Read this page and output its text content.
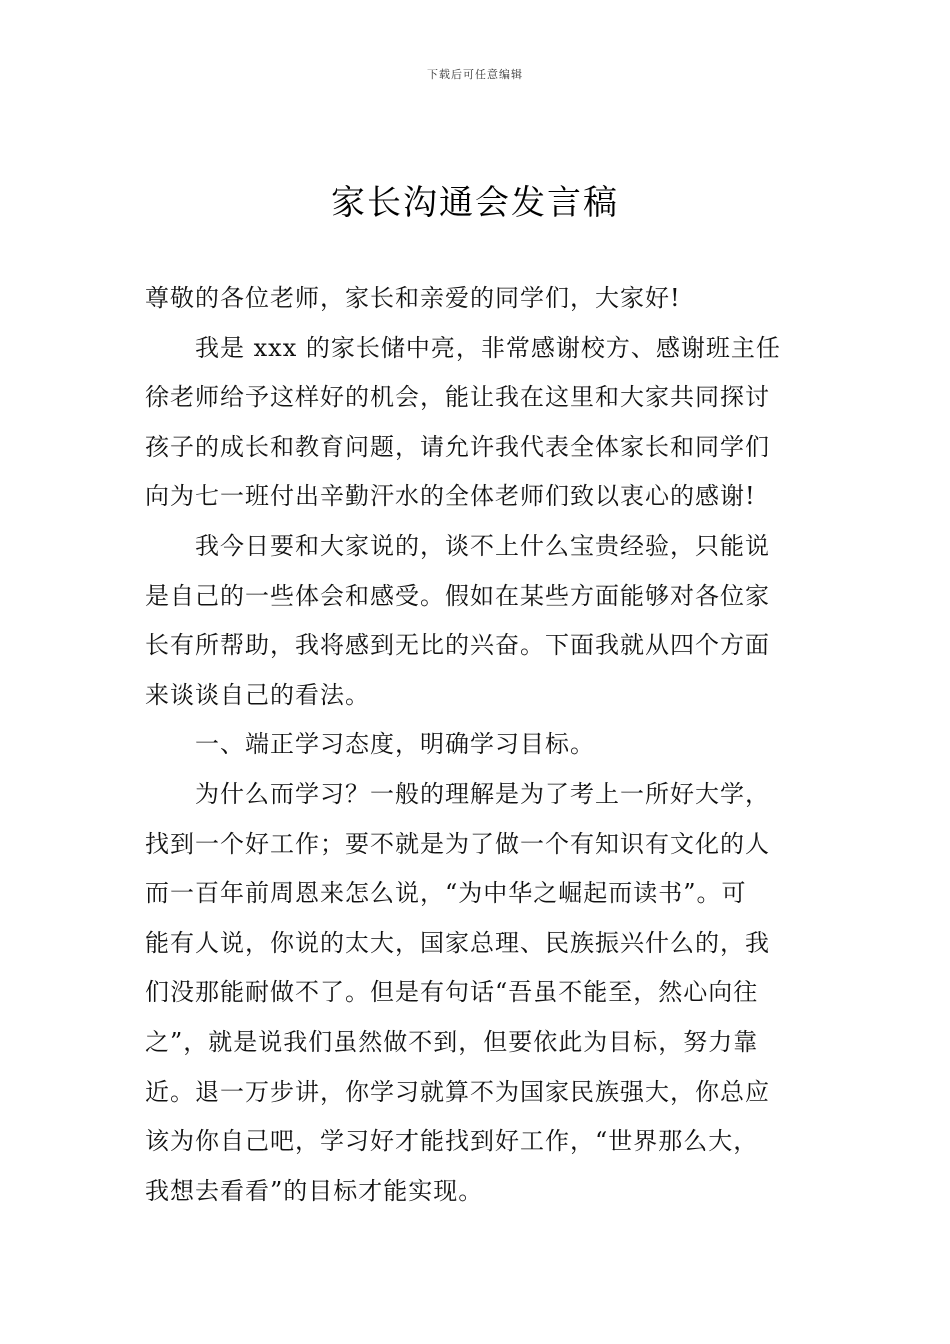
下载后可任意编辑
家长沟通会发言稿
尊敬的各位老师，家长和亲爱的同学们，大家好!
我是 xxx 的家长储中亮，非常感谢校方、感谢班主任
徐老师给予这样好的机会，能让我在这里和大家共同探讨
孩子的成长和教育问题，请允许我代表全体家长和同学们
向为七一班付出辛勤汗水的全体老师们致以衷心的感谢!
我今日要和大家说的，谈不上什么宝贵经验，只能说
是自己的一些体会和感受。假如在某些方面能够对各位家
长有所帮助，我将感到无比的兴奋。下面我就从四个方面
来谈谈自己的看法。
一、端正学习态度，明确学习目标。
为什么而学习？一般的理解是为了考上一所好大学，
找到一个好工作；要不就是为了做一个有知识有文化的人
而一百年前周恩来怎么说，“为中华之崛起而读书”。可
能有人说，你说的太大，国家总理、民族振兴什么的，我
们没那能耐做不了。但是有句话“吾虽不能至，然心向往
之”，就是说我们虽然做不到，但要依此为目标，努力靠
近。退一万步讲，你学习就算不为国家民族强大，你总应
该为你自己吧，学习好才能找到好工作，“世界那么大，
我想去看看”的目标才能实现。
